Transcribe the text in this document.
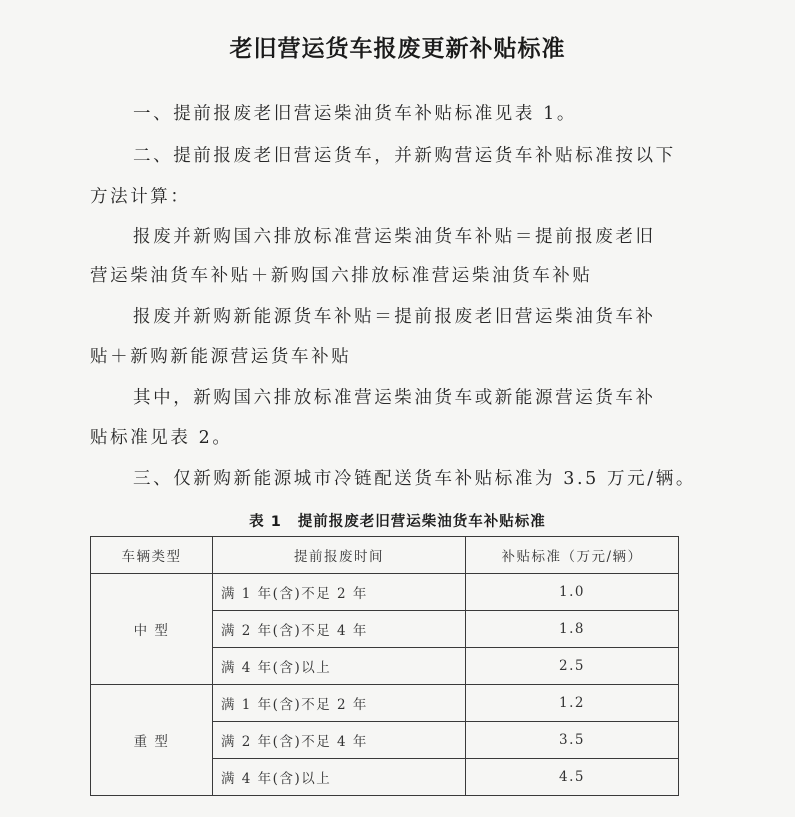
老旧营运货车报废更新补贴标准
一、提前报废老旧营运柴油货车补贴标准见表 1。
二、提前报废老旧营运货车，并新购营运货车补贴标准按以下
方法计算：
报废并新购国六排放标准营运柴油货车补贴＝提前报废老旧
营运柴油货车补贴＋新购国六排放标准营运柴油货车补贴
报废并新购新能源货车补贴＝提前报废老旧营运柴油货车补
贴＋新购新能源营运货车补贴
其中，新购国六排放标准营运柴油货车或新能源营运货车补
贴标准见表 2。
三、仅新购新能源城市冷链配送货车补贴标准为 3.5 万元/辆。
表 1 提前报废老旧营运柴油货车补贴标准
车辆类型	提前报废时间	补贴标准（万元/辆）
中 型	满 1 年(含)不足 2 年	1.0
	满 2 年(含)不足 4 年	1.8
	满 4 年(含)以上	2.5
重 型	满 1 年(含)不足 2 年	1.2
	满 2 年(含)不足 4 年	3.5
	满 4 年(含)以上	4.5
